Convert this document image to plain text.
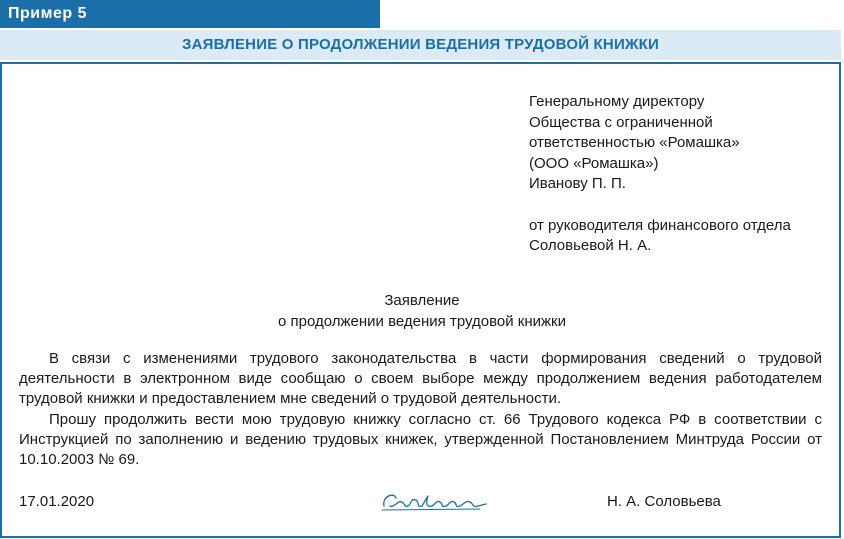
Пример 5
ЗАЯВЛЕНИЕ О ПРОДОЛЖЕНИИ ВЕДЕНИЯ ТРУДОВОЙ КНИЖКИ
Генеральному директору
Общества с ограниченной
ответственностью «Ромашка»
(ООО «Ромашка»)
Иванову П. П.
от руководителя финансового отдела
Соловьевой Н. А.
Заявление
о продолжении ведения трудовой книжки

В связи с изменениями трудового законодательства в части формирования сведений о трудовой деятельности в электронном виде сообщаю о своем выборе между продолжением ведения работодателем трудовой книжки и предоставлением мне сведений о трудовой деятельности.

Прошу продолжить вести мою трудовую книжку согласно ст. 66 Трудового кодекса РФ в соответствии с Инструкцией по заполнению и ведению трудовых книжек, утвержденной Постановлением Минтруда России от 10.10.2003 № 69.

17.01.2020	Н. А. Соловьева
